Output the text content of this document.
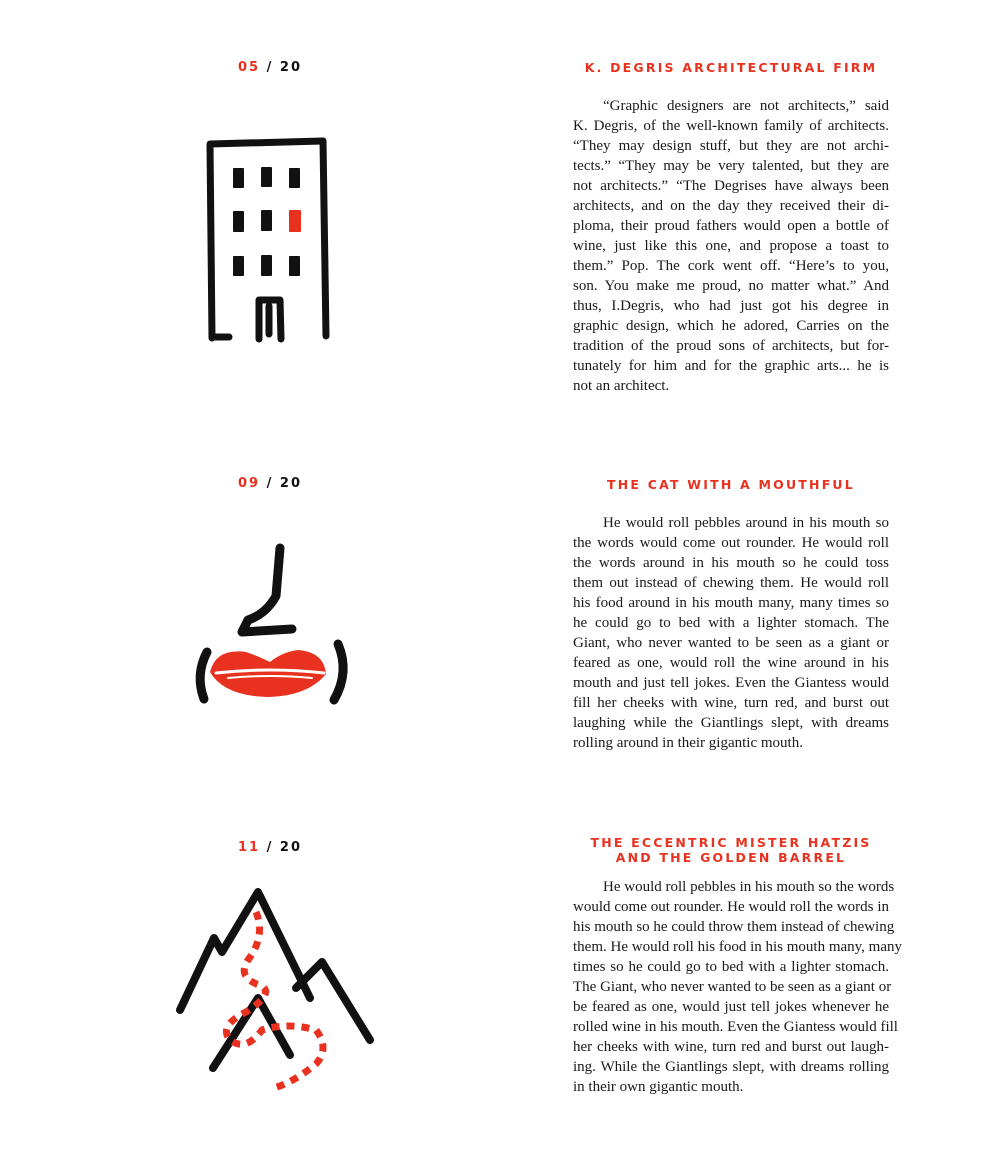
05 / 20	K. DEGRIS ARCHITECTURAL FIRM

“Graphic designers are not architects,” said
K. Degris, of the well-known family of architects.
“They may design stuff, but they are not archi-
tects.” “They may be very talented, but they are
not architects.” “The Degrises have always been
architects, and on the day they received their di-
ploma, their proud fathers would open a bottle of
wine, just like this one, and propose a toast to
them.” Pop. The cork went off. “Here’s to you,
son. You make me proud, no matter what.” And
thus, I.Degris, who had just got his degree in
graphic design, which he adored, Carries on the
tradition of the proud sons of architects, but for-
tunately for him and for the graphic arts... he is
not an architect.

09 / 20	THE CAT WITH A MOUTHFUL

He would roll pebbles around in his mouth so
the words would come out rounder. He would roll
the words around in his mouth so he could toss
them out instead of chewing them. He would roll
his food around in his mouth many, many times so
he could go to bed with a lighter stomach. The
Giant, who never wanted to be seen as a giant or
feared as one, would roll the wine around in his
mouth and just tell jokes. Even the Giantess would
fill her cheeks with wine, turn red, and burst out
laughing while the Giantlings slept, with dreams
rolling around in their gigantic mouth.

11 / 20	THE ECCENTRIC MISTER HATZIS
AND THE GOLDEN BARREL

He would roll pebbles in his mouth so the words
would come out rounder. He would roll the words in
his mouth so he could throw them instead of chewing
them. He would roll his food in his mouth many, many
times so he could go to bed with a lighter stomach.
The Giant, who never wanted to be seen as a giant or
be feared as one, would just tell jokes whenever he
rolled wine in his mouth. Even the Giantess would fill
her cheeks with wine, turn red and burst out laugh-
ing. While the Giantlings slept, with dreams rolling
in their own gigantic mouth.
